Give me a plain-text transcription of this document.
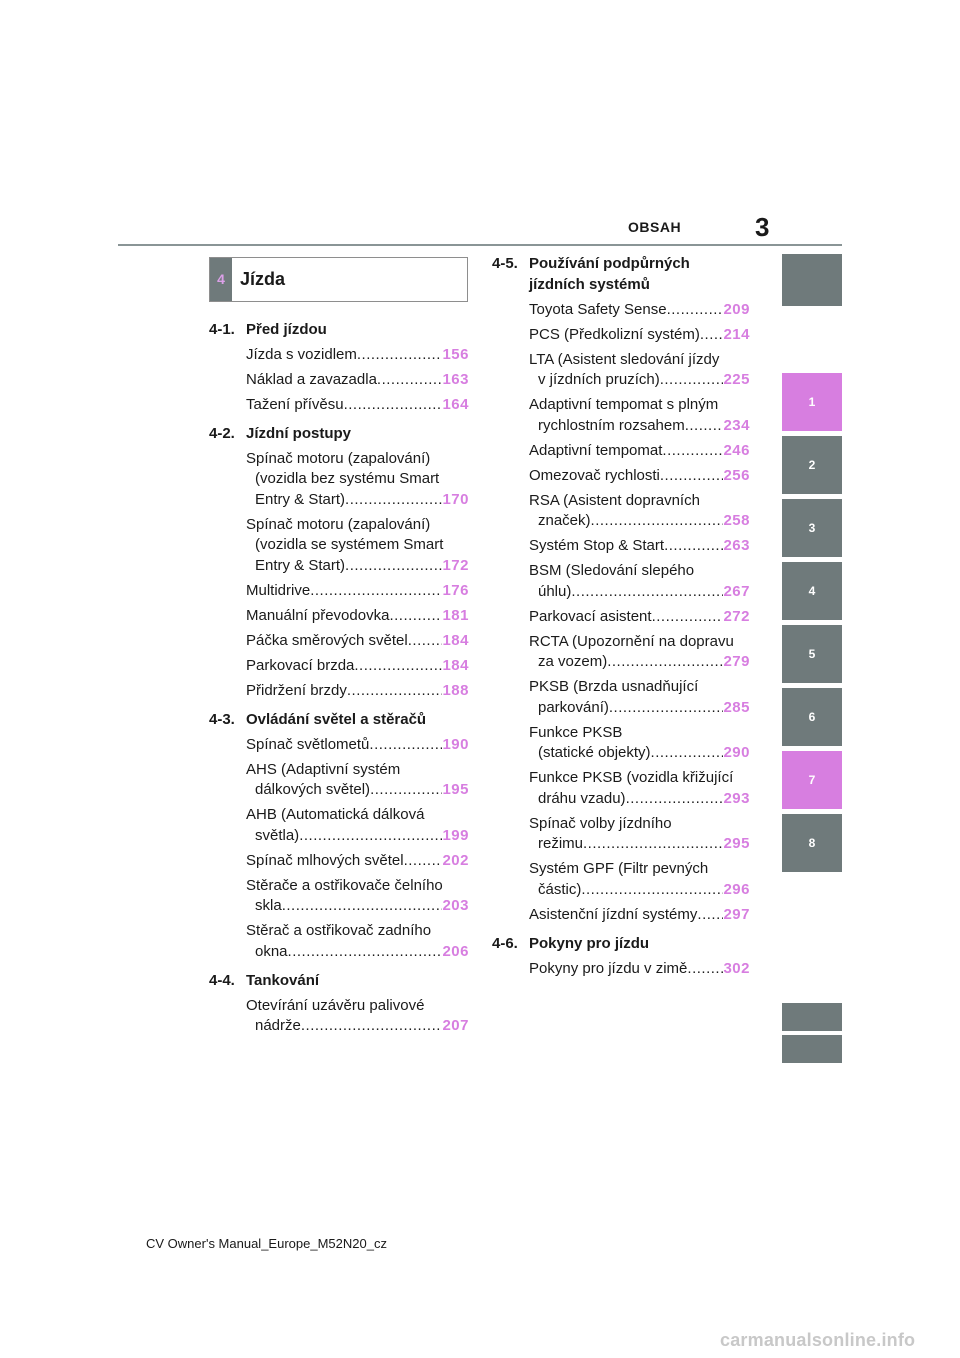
OBSAH	3
4 Jízda
4-1. Před jízdou
Jízda s vozidlem .....	156
Náklad a zavazadla .....	163
Tažení přívěsu .....	164
4-2. Jízdní postupy
Spínač motoru (zapalování)
(vozidla bez systému Smart
Entry & Start) .....	170
Spínač motoru (zapalování)
(vozidla se systémem Smart
Entry & Start) .....	172
Multidrive .....	176
Manuální převodovka .....	181
Páčka směrových světel ..... 184
Parkovací brzda .....	184
Přidržení brzdy .....	188
4-3. Ovládání světel a stěračů
Spínač světlometů .....	190
AHS (Adaptivní systém
dálkových světel) .....	195
AHB (Automatická dálková
světla) .....	199
Spínač mlhových světel .....	202
Stěrače a ostřikovače čelního
skla .....	203
Stěrač a ostřikovač zadního
okna .....	206
4-4. Tankování
Otevírání uzávěru palivové
nádrže .....	207
4-5. Používání podpůrných
jízdních systémů
Toyota Safety Sense .....	209
PCS (Předkolizní systém) ..... 214
LTA (Asistent sledování jízdy
v jízdních pruzích) .....	225
Adaptivní tempomat s plným
rychlostním rozsahem .....	234
Adaptivní tempomat .....	246
Omezovač rychlosti .....	256
RSA (Asistent dopravních
značek) .....	258
Systém Stop & Start .....	263
BSM (Sledování slepého
úhlu) .....	267
Parkovací asistent .....	272
RCTA (Upozornění na dopravu
za vozem) .....	279
PKSB (Brzda usnadňující
parkování) .....	285
Funkce PKSB
(statické objekty) .....	290
Funkce PKSB (vozidla křižující
dráhu vzadu) .....	293
Spínač volby jízdního
režimu .....	295
Systém GPF (Filtr pevných
částic) .....	296
Asistenční jízdní systémy ..... 297
4-6. Pokyny pro jízdu
Pokyny pro jízdu v zimě ..... 302
1
2
3
4
5
6
7
8
CV Owner's Manual_Europe_M52N20_cz
carmanualsonline.info
